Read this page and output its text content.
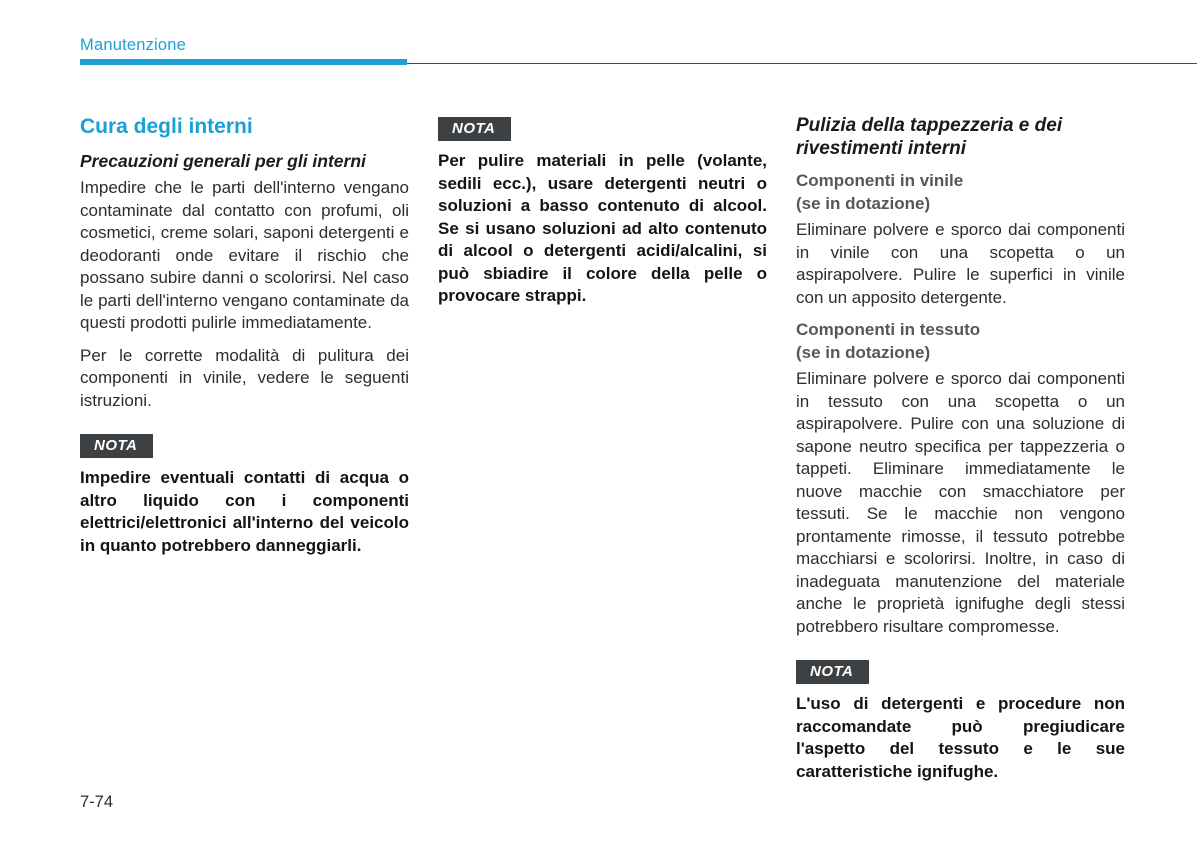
Manutenzione
Cura degli interni
Precauzioni generali per gli interni

Impedire che le parti dell'interno vengano contaminate dal contatto con profumi, oli cosmetici, creme solari, saponi detergenti e deodoranti onde evitare il rischio che possano subire danni o scolorirsi. Nel caso le parti dell'interno vengano contaminate da questi prodotti pulirle immediatamente.

Per le corrette modalità di pulitura dei componenti in vinile, vedere le seguenti istruzioni.

NOTA

Impedire eventuali contatti di acqua o altro liquido con i componenti elettrici/elettronici all'interno del veicolo in quanto potrebbero danneggiarli.

NOTA

Per pulire materiali in pelle (volante, sedili ecc.), usare detergenti neutri o soluzioni a basso contenuto di alcool. Se si usano soluzioni ad alto contenuto di alcool o detergenti acidi/alcalini, si può sbiadire il colore della pelle o provocare strappi.

Pulizia della tappezzeria e dei rivestimenti interni
Componenti in vinile
(se in dotazione)

Eliminare polvere e sporco dai componenti in vinile con una scopetta o un aspirapolvere. Pulire le superfici in vinile con un apposito detergente.

Componenti in tessuto
(se in dotazione)

Eliminare polvere e sporco dai componenti in tessuto con una scopetta o un aspirapolvere. Pulire con una soluzione di sapone neutro specifica per tappezzeria o tappeti. Eliminare immediatamente le nuove macchie con smacchiatore per tessuti. Se le macchie non vengono prontamente rimosse, il tessuto potrebbe macchiarsi e scolorirsi. Inoltre, in caso di inadeguata manutenzione del materiale anche le proprietà ignifughe degli stessi potrebbero risultare compromesse.

NOTA

L'uso di detergenti e procedure non raccomandate può pregiudicare l'aspetto del tessuto e le sue caratteristiche ignifughe.

7-74
